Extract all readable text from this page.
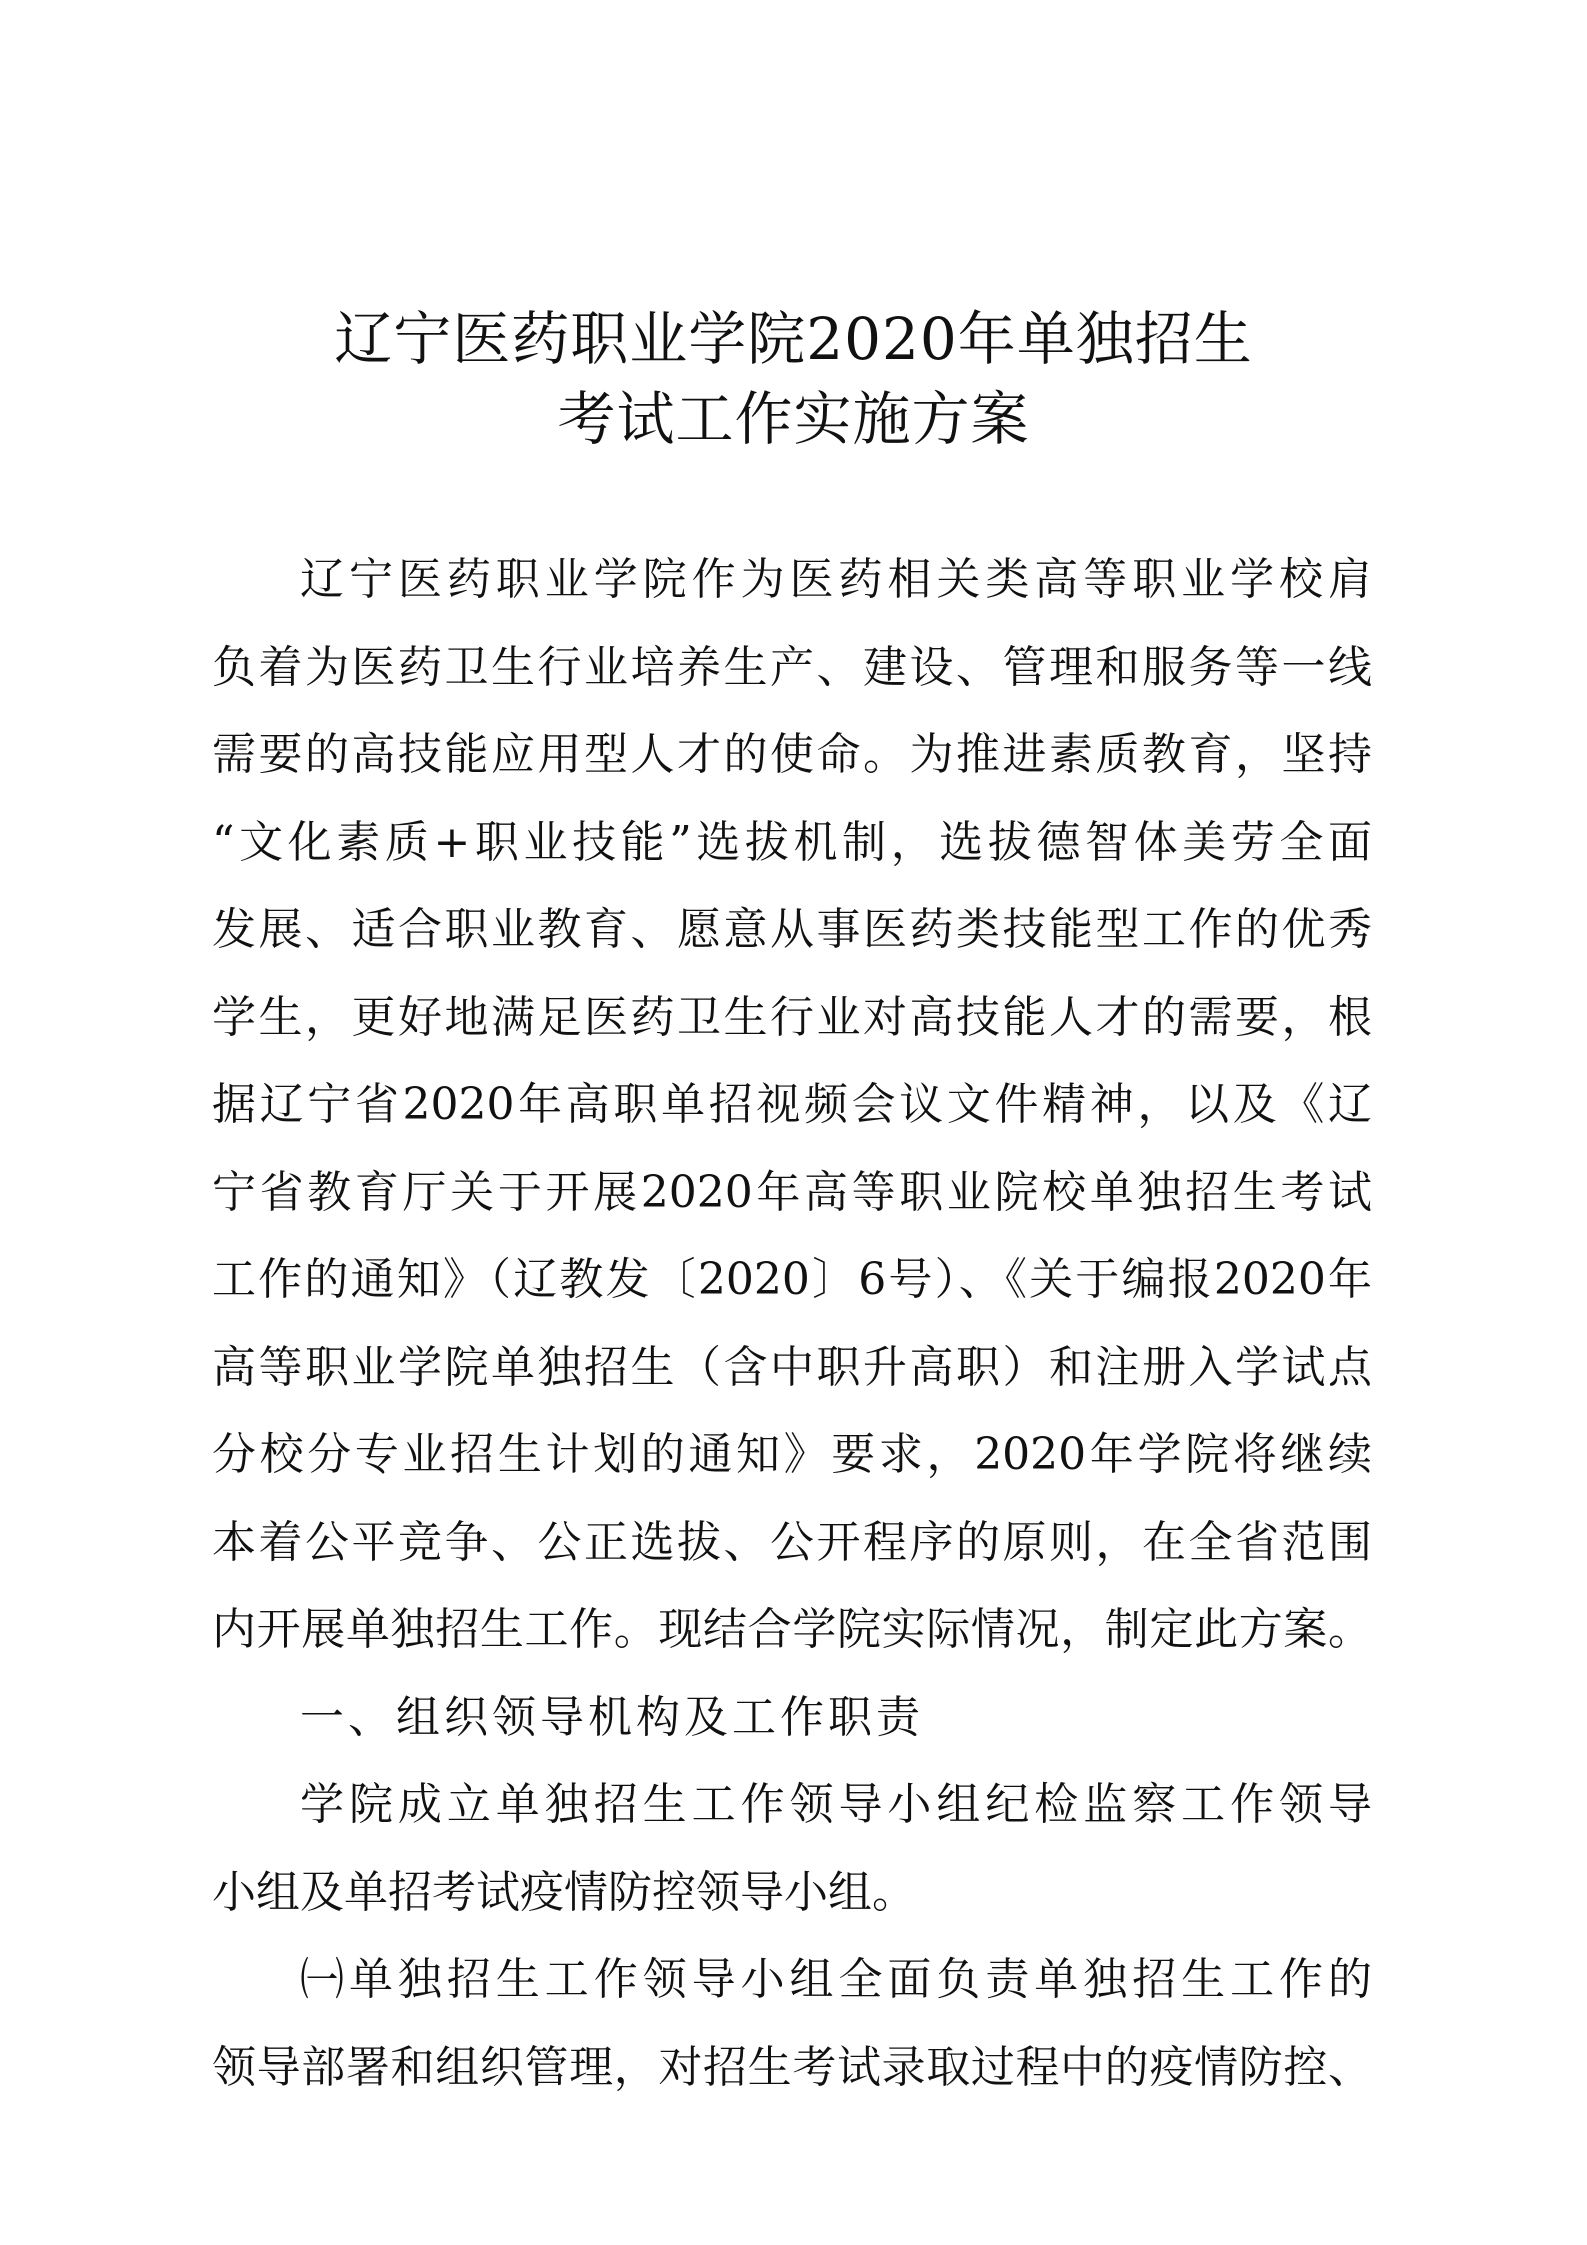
辽宁医药职业学院2020年单独招生
考试工作实施方案
辽宁医药职业学院作为医药相关类高等职业学校肩
负着为医药卫生行业培养生产、建设、管理和服务等一线
需要的高技能应用型人才的使命。为推进素质教育，坚持
“文化素质+职业技能”选拔机制，选拔德智体美劳全面
发展、适合职业教育、愿意从事医药类技能型工作的优秀
学生，更好地满足医药卫生行业对高技能人才的需要，根
据辽宁省2020年高职单招视频会议文件精神，以及《辽
宁省教育厅关于开展2020年高等职业院校单独招生考试
工作的通知》（辽教发〔2020〕6号）、《关于编报2020年
高等职业学院单独招生（含中职升高职）和注册入学试点
分校分专业招生计划的通知》要求，2020年学院将继续
本着公平竞争、公正选拔、公开程序的原则，在全省范围
内开展单独招生工作。现结合学院实际情况，制定此方案。
一、组织领导机构及工作职责
学院成立单独招生工作领导小组纪检监察工作领导
小组及单招考试疫情防控领导小组。
㈠单独招生工作领导小组全面负责单独招生工作的
领导部署和组织管理，对招生考试录取过程中的疫情防控、
